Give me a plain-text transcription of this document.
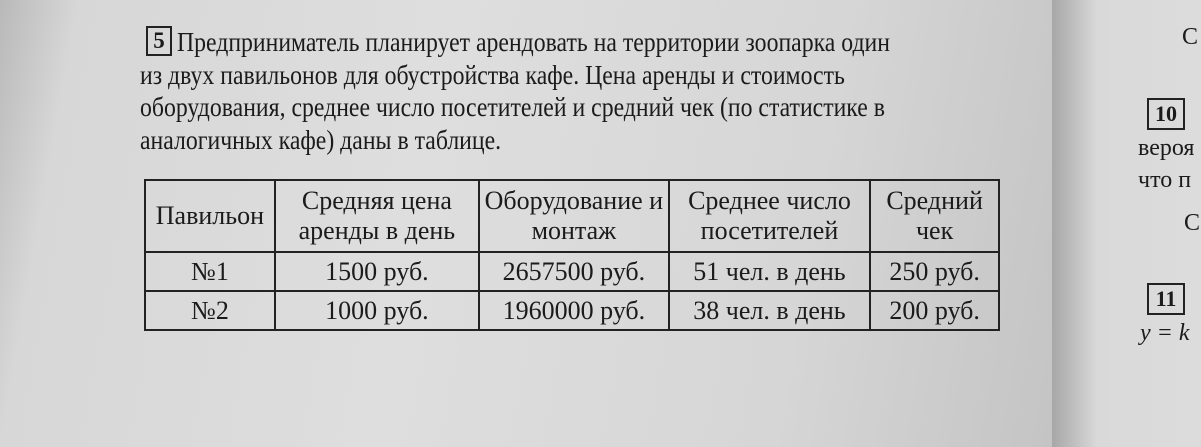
5 Предприниматель планирует арендовать на территории зоопарка один из двух павильонов для обустройства кафе. Цена аренды и стоимость оборудования, среднее число посетителей и средний чек (по статистике в аналогичных кафе) даны в таблице.

Павильон	Средняя цена аренды в день	Оборудование и монтаж	Среднее число посетителей	Средний чек
№1	1500 руб.	2657500 руб.	51 чел. в день	250 руб.
№2	1000 руб.	1960000 руб.	38 чел. в день	200 руб.
С
10
вероя
что п
С
11
y = k
